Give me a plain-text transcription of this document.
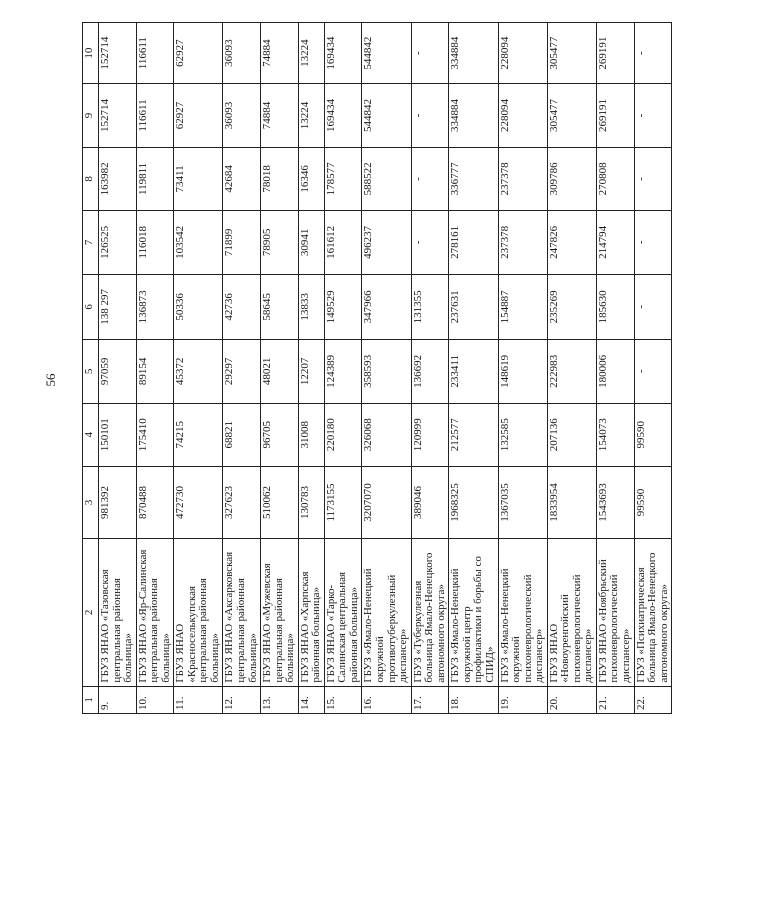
56
1	2	3	4	5	6	7	8	9	10
9.	ГБУЗ ЯНАО «Тазовская центральная районная больница»	981392	150101	97059	138 297	126525	163982	152714	152714
10.	ГБУЗ ЯНАО «Яр-Салинская центральная районная больница»	870488	175410	89154	136873	116018	119811	116611	116611
11.	ГБУЗ ЯНАО «Красноселькупская центральная районная больница»	472730	74215	45372	50336	103542	73411	62927	62927
12.	ГБУЗ ЯНАО «Аксарковская центральная районная больница»	327623	68821	29297	42736	71899	42684	36093	36093
13.	ГБУЗ ЯНАО «Мужевская центральная районная больница»	510062	96705	48021	58645	78905	78018	74884	74884
14.	ГБУЗ ЯНАО «Харпская районная больница»	130783	31008	12207	13833	30941	16346	13224	13224
15.	ГБУЗ ЯНАО «Тарко-Салинская центральная районная больница»	1173155	220180	124389	149529	161612	178577	169434	169434
16.	ГБУЗ «Ямало-Ненецкий окружной противотуберкулезный диспансер»	3207070	326068	358593	347966	496237	588522	544842	544842
17.	ГБУЗ «Туберкулезная больница Ямало-Ненецкого автономного округа»	389046	120999	136692	131355	-	-	-	-
18.	ГБУЗ «Ямало-Ненецкий окружной центр профилактики и борьбы со СПИД»	1968325	212577	233411	237631	278161	336777	334884	334884
19.	ГБУЗ «Ямало-Ненецкий окружной психоневрологический диспансер»	1367035	132585	148619	154887	237378	237378	228094	228094
20.	ГБУЗ ЯНАО «Новоуренгойский психоневрологический диспансер»	1833954	207136	222983	235269	247826	309786	305477	305477
21.	ГБУЗ ЯНАО «Ноябрьский психоневрологический диспансер»	1543693	154073	180006	185630	214794	270808	269191	269191
22.	ГБУЗ «Психиатрическая больница Ямало-Ненецкого автономного округа»	99590	99590	-	-	-	-	-	-
